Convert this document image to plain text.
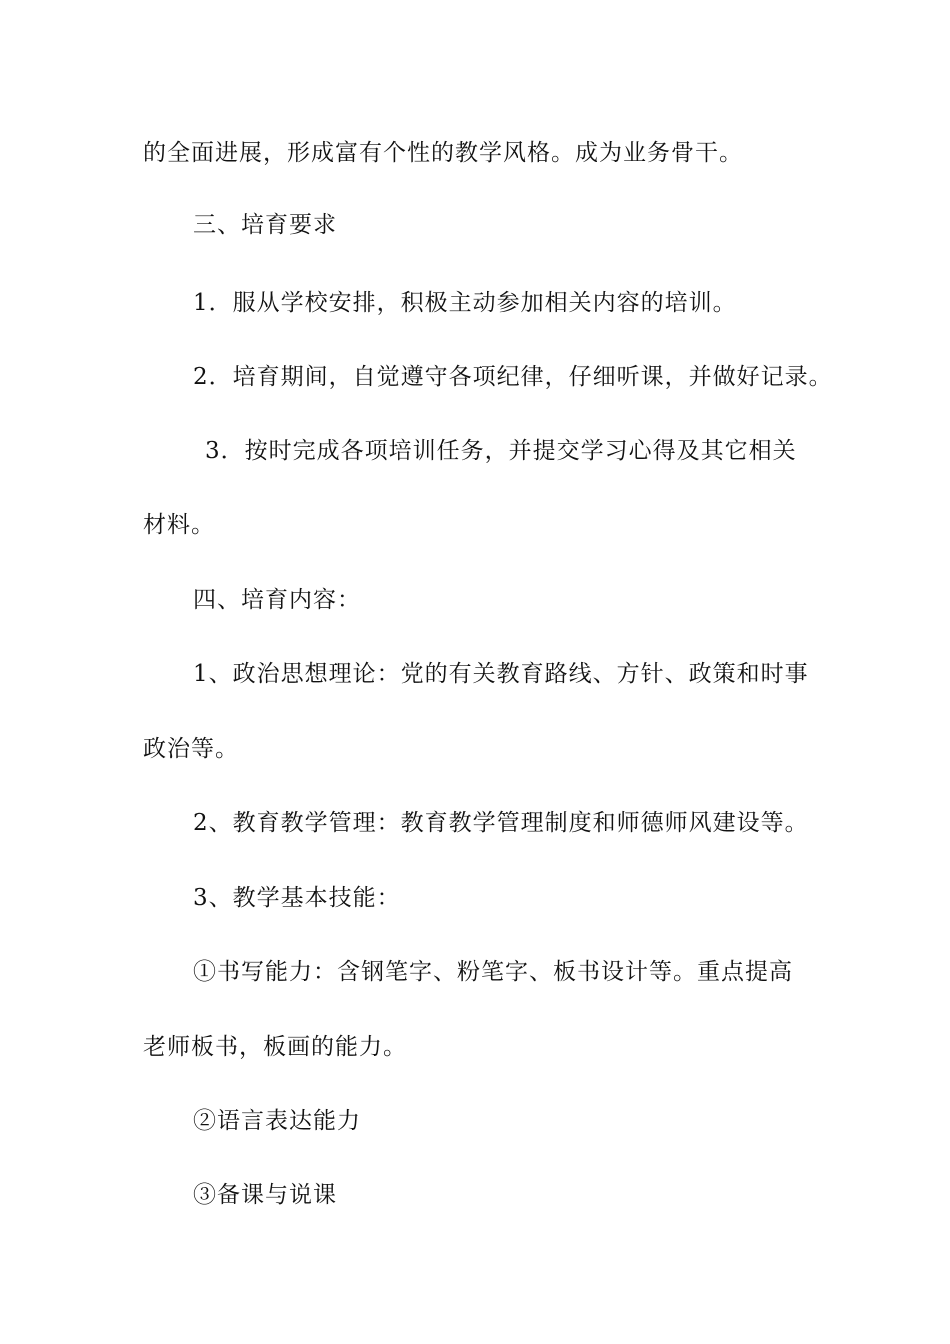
的全面进展，形成富有个性的教学风格。成为业务骨干。
三、培育要求
1．服从学校安排，积极主动参加相关内容的培训。
2．培育期间，自觉遵守各项纪律，仔细听课，并做好记录。
3．按时完成各项培训任务，并提交学习心得及其它相关
材料。
四、培育内容：
1、政治思想理论：党的有关教育路线、方针、政策和时事
政治等。
2、教育教学管理：教育教学管理制度和师德师风建设等。
3、教学基本技能：
①书写能力：含钢笔字、粉笔字、板书设计等。重点提高
老师板书，板画的能力。
②语言表达能力
③备课与说课
